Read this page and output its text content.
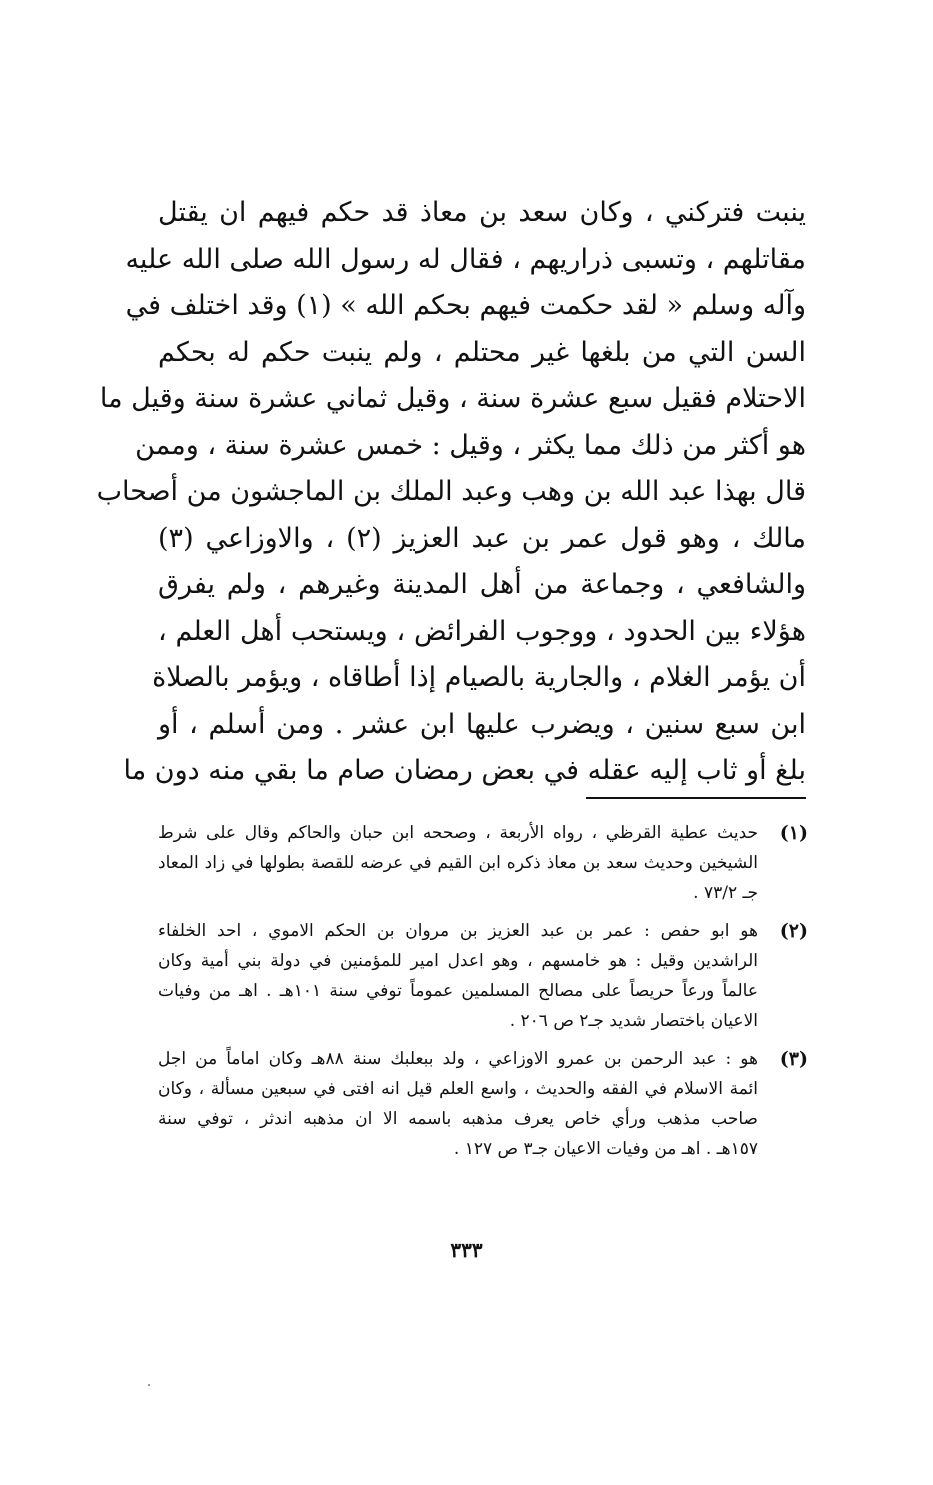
ينبت فتركني ، وكان سعد بن معاذ قد حكم فيهم ان يقتل
مقاتلهم ، وتسبى ذراريهم ، فقال له رسول الله صلى الله عليه
وآله وسلم « لقد حكمت فيهم بحكم الله » (١) وقد اختلف في
السن التي من بلغها غير محتلم ، ولم ينبت حكم له بحكم
الاحتلام فقيل سبع عشرة سنة ، وقيل ثماني عشرة سنة وقيل ما
هو أكثر من ذلك مما يكثر ، وقيل : خمس عشرة سنة ، وممن
قال بهذا عبد الله بن وهب وعبد الملك بن الماجشون من أصحاب
مالك ، وهو قول عمر بن عبد العزيز (٢) ، والاوزاعي (٣)
والشافعي ، وجماعة من أهل المدينة وغيرهم ، ولم يفرق
هؤلاء بين الحدود ، ووجوب الفرائض ، ويستحب أهل العلم ،
أن يؤمر الغلام ، والجارية بالصيام إذا أطاقاه ، ويؤمر بالصلاة
ابن سبع سنين ، ويضرب عليها ابن عشر . ومن أسلم ، أو
بلغ أو ثاب إليه عقله في بعض رمضان صام ما بقي منه دون ما
(١)
حديث عطية القرظي ، رواه الأربعة ، وصححه ابن حبان والحاكم وقال على شرط
الشيخين وحديث سعد بن معاذ ذكره ابن القيم في عرضه للقصة بطولها في زاد المعاد
جـ ٧٣/٢ .
(٢)
هو ابو حفص : عمر بن عبد العزيز بن مروان بن الحكم الاموي ، احد الخلفاء
الراشدين وقيل : هو خامسهم ، وهو اعدل امير للمؤمنين في دولة بني أمية وكان
عالماً ورعاً حريصاً على مصالح المسلمين عموماً توفي سنة ١٠١هـ . اهـ من وفيات
الاعيان باختصار شديد جـ٢ ص ٢٠٦ .
(٣)
هو : عبد الرحمن بن عمرو الاوزاعي ، ولد ببعلبك سنة ٨٨هـ وكان اماماً من اجل
ائمة الاسلام في الفقه والحديث ، واسع العلم قيل انه افتى في سبعين مسألة ، وكان
صاحب مذهب ورأي خاص يعرف مذهبه باسمه الا ان مذهبه اندثر ، توفي سنة
١٥٧هـ . اهـ من وفيات الاعيان جـ٣ ص ١٢٧ .
٣٣٣
